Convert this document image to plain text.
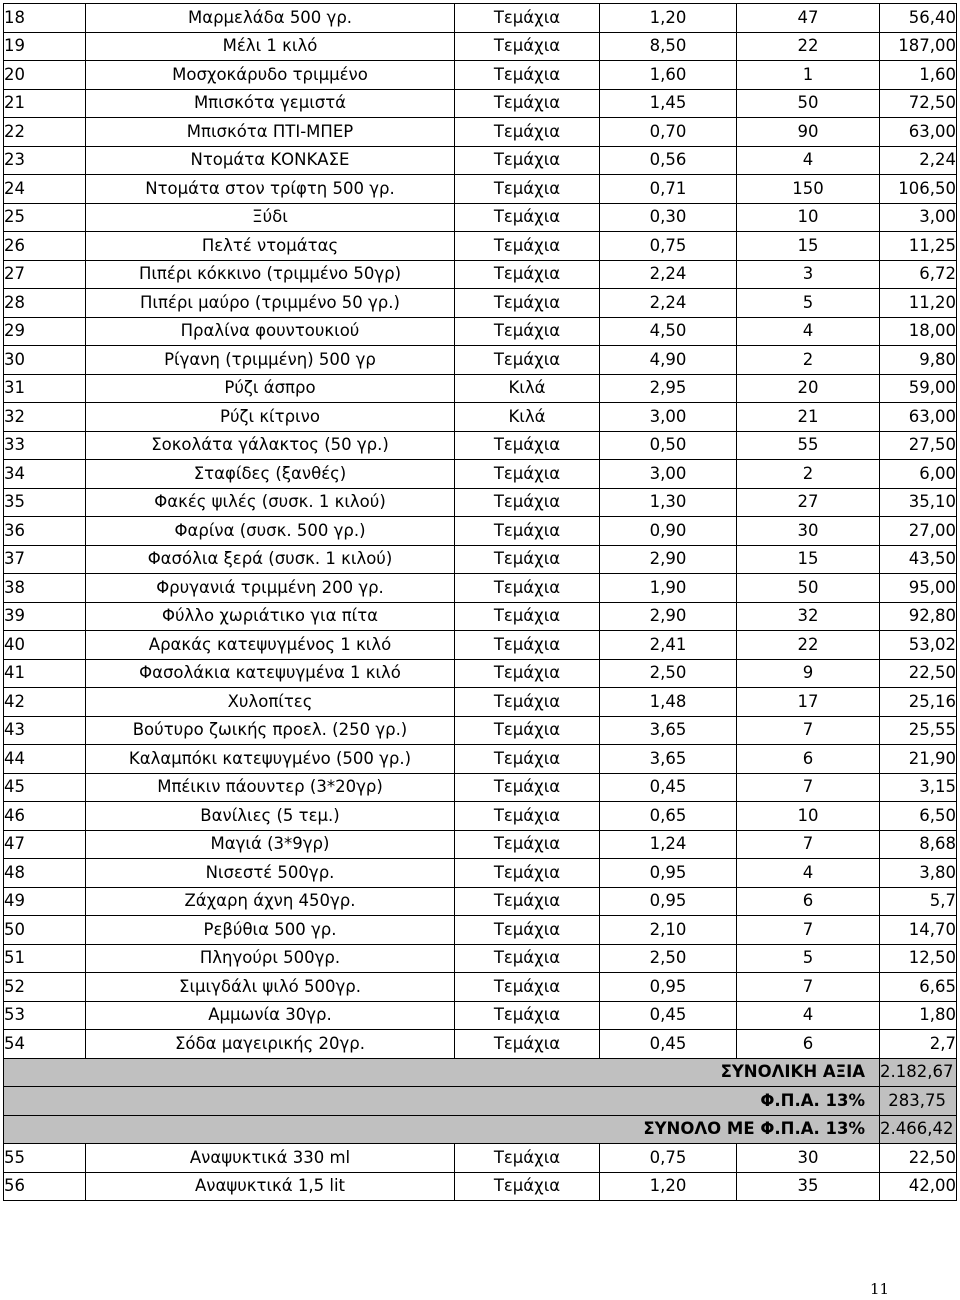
18	Μαρμελάδα 500 γρ.	Τεμάχια	1,20	47	56,40
19	Μέλι 1 κιλό	Τεμάχια	8,50	22	187,00
20	Μοσχοκάρυδο τριμμένο	Τεμάχια	1,60	1	1,60
21	Μπισκότα γεμιστά	Τεμάχια	1,45	50	72,50
22	Μπισκότα ΠΤΙ-ΜΠΕΡ	Τεμάχια	0,70	90	63,00
23	Ντομάτα ΚΟΝΚΑΣΕ	Τεμάχια	0,56	4	2,24
24	Ντομάτα στον τρίφτη 500 γρ.	Τεμάχια	0,71	150	106,50
25	Ξύδι	Τεμάχια	0,30	10	3,00
26	Πελτέ ντομάτας	Τεμάχια	0,75	15	11,25
27	Πιπέρι κόκκινο (τριμμένο 50γρ)	Τεμάχια	2,24	3	6,72
28	Πιπέρι μαύρο (τριμμένο 50 γρ.)	Τεμάχια	2,24	5	11,20
29	Πραλίνα φουντουκιού	Τεμάχια	4,50	4	18,00
30	Ρίγανη (τριμμένη) 500 γρ	Τεμάχια	4,90	2	9,80
31	Ρύζι άσπρο	Κιλά	2,95	20	59,00
32	Ρύζι κίτρινο	Κιλά	3,00	21	63,00
33	Σοκολάτα γάλακτος (50 γρ.)	Τεμάχια	0,50	55	27,50
34	Σταφίδες (ξανθές)	Τεμάχια	3,00	2	6,00
35	Φακές ψιλές (συσκ. 1 κιλού)	Τεμάχια	1,30	27	35,10
36	Φαρίνα (συσκ. 500 γρ.)	Τεμάχια	0,90	30	27,00
37	Φασόλια ξερά (συσκ. 1 κιλού)	Τεμάχια	2,90	15	43,50
38	Φρυγανιά τριμμένη 200 γρ.	Τεμάχια	1,90	50	95,00
39	Φύλλο χωριάτικο για πίτα	Τεμάχια	2,90	32	92,80
40	Αρακάς κατεψυγμένος 1 κιλό	Τεμάχια	2,41	22	53,02
41	Φασολάκια κατεψυγμένα 1 κιλό	Τεμάχια	2,50	9	22,50
42	Χυλοπίτες	Τεμάχια	1,48	17	25,16
43	Βούτυρο ζωικής προελ. (250 γρ.)	Τεμάχια	3,65	7	25,55
44	Καλαμπόκι κατεψυγμένο (500 γρ.)	Τεμάχια	3,65	6	21,90
45	Μπέικιν πάουντερ (3*20γρ)	Τεμάχια	0,45	7	3,15
46	Βανίλιες (5 τεμ.)	Τεμάχια	0,65	10	6,50
47	Μαγιά (3*9γρ)	Τεμάχια	1,24	7	8,68
48	Νισεστέ 500γρ.	Τεμάχια	0,95	4	3,80
49	Ζάχαρη άχνη 450γρ.	Τεμάχια	0,95	6	5,7
50	Ρεβύθια 500 γρ.	Τεμάχια	2,10	7	14,70
51	Πληγούρι 500γρ.	Τεμάχια	2,50	5	12,50
52	Σιμιγδάλι ψιλό 500γρ.	Τεμάχια	0,95	7	6,65
53	Αμμωνία 30γρ.	Τεμάχια	0,45	4	1,80
54	Σόδα μαγειρικής 20γρ.	Τεμάχια	0,45	6	2,7
ΣΥΝΟΛΙΚΗ ΑΞΙΑ					2.182,67
Φ.Π.Α. 13%					283,75
ΣΥΝΟΛΟ ΜΕ Φ.Π.Α. 13%					2.466,42
55	Αναψυκτικά 330 ml	Τεμάχια	0,75	30	22,50
56	Αναψυκτικά 1,5 lit	Τεμάχια	1,20	35	42,00
11
